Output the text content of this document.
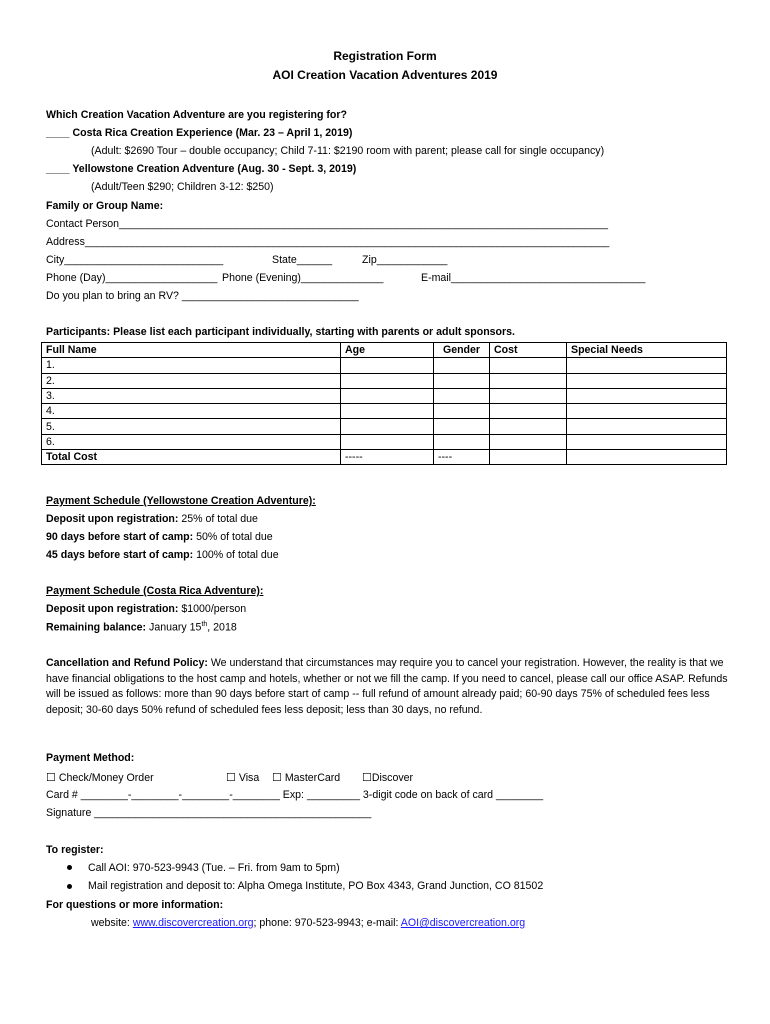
Registration Form
AOI Creation Vacation Adventures 2019
Which Creation Vacation Adventure are you registering for?
____ Costa Rica Creation Experience (Mar. 23 – April 1, 2019)
(Adult: $2690 Tour – double occupancy; Child 7-11: $2190 room with parent; please call for single occupancy)
____ Yellowstone Creation Adventure (Aug. 30 - Sept. 3, 2019)
(Adult/Teen $290; Children 3-12: $250)
Family or Group Name:
Contact Person___________________________________________________________________________________
Address_________________________________________________________________________________________
City___________________________	State______	Zip____________
Phone (Day)___________________ Phone (Evening)______________	E-mail_________________________________
Do you plan to bring an RV? ______________________________
Participants: Please list each participant individually, starting with parents or adult sponsors.
Full Name	Age	Gender	Cost	Special Needs
1.				
2.				
3.				
4.				
5.				
6.				
Total Cost	-----	----		
Payment Schedule (Yellowstone Creation Adventure):
Deposit upon registration: 25% of total due
90 days before start of camp: 50% of total due
45 days before start of camp: 100% of total due
Payment Schedule (Costa Rica Adventure):
Deposit upon registration: $1000/person
Remaining balance: January 15th, 2018
Cancellation and Refund Policy: We understand that circumstances may require you to cancel your registration. However, the reality is that we have financial obligations to the host camp and hotels, whether or not we fill the camp. If you need to cancel, please call our office ASAP. Refunds will be issued as follows: more than 90 days before start of camp -- full refund of amount already paid; 60-90 days 75% of scheduled fees less deposit; 30-60 days 50% refund of scheduled fees less deposit; less than 30 days, no refund.
Payment Method:
☐ Check/Money Order	☐ Visa ☐ MasterCard ☐Discover
Card # ________-________-________-________ Exp: _________ 3-digit code on back of card ________
Signature _______________________________________________
To register:
Call AOI: 970-523-9943 (Tue. – Fri. from 9am to 5pm)
Mail registration and deposit to: Alpha Omega Institute, PO Box 4343, Grand Junction, CO 81502
For questions or more information:
website: www.discovercreation.org; phone: 970-523-9943; e-mail: AOI@discovercreation.org
